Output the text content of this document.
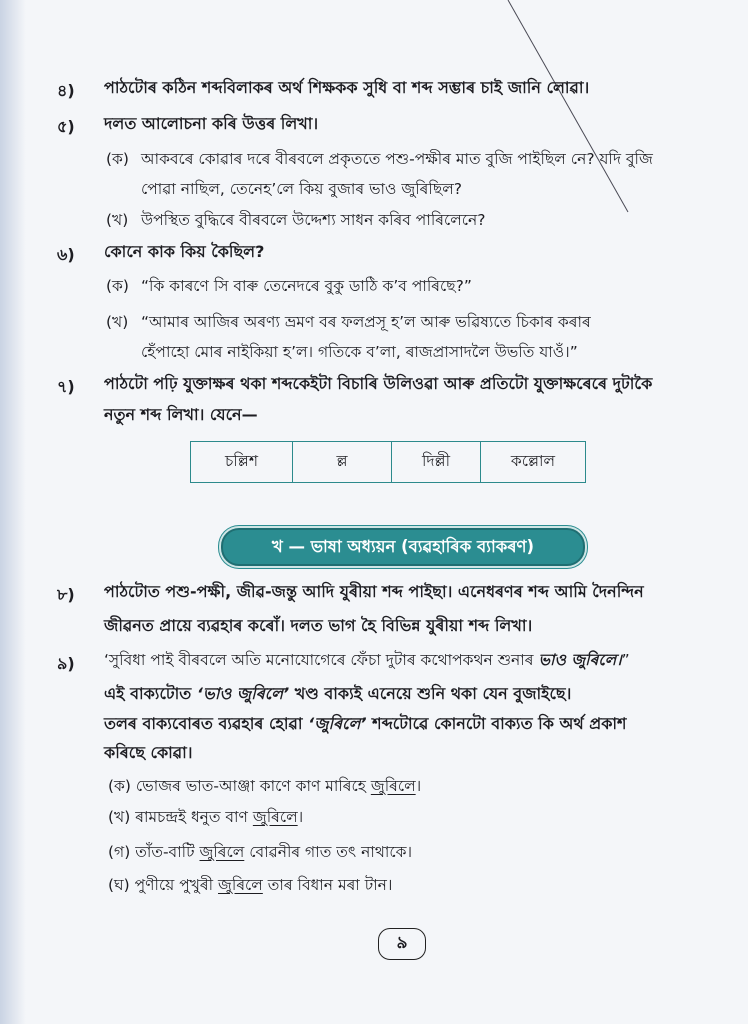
৪) পাঠটোৰ কঠিন শব্দবিলাকৰ অৰ্থ শিক্ষকক সুধি বা শব্দ সম্ভাৰ চাই জানি লোৱা।
৫) দলত আলোচনা কৰি উত্তৰ লিখা।
(ক) আকবৰে কোৱাৰ দৰে বীৰবলে প্ৰকৃততে পশু-পক্ষীৰ মাত বুজি পাইছিল নে? যদি বুজি
পোৱা নাছিল, তেনেহ’লে কিয় বুজাৰ ভাও জুৰিছিল?
(খ) উপস্থিত বুদ্ধিৰে বীৰবলে উদ্দেশ্য সাধন কৰিব পাৰিলেনে?
৬) কোনে কাক কিয় কৈছিল?
(ক) “কি কাৰণে সি বাৰু তেনেদৰে বুকু ডাঠি ক’ব পাৰিছে?”
(খ) “আমাৰ আজিৰ অৰণ্য ভ্ৰমণ বৰ ফলপ্ৰসূ হ’ল আৰু ভৱিষ্যতে চিকাৰ কৰাৰ
হেঁপাহো মোৰ নাইকিয়া হ’ল। গতিকে ব’লা, ৰাজপ্ৰাসাদলৈ উভতি যাওঁ।”
৭) পাঠটো পঢ়ি যুক্তাক্ষৰ থকা শব্দকেইটা বিচাৰি উলিওৱা আৰু প্ৰতিটো যুক্তাক্ষৰেৰে দুটাকৈ
নতুন শব্দ লিখা। যেনে—
চল্লিশ	ল্ল	দিল্লী	কল্লোল
খ — ভাষা অধ্যয়ন (ব্যৱহাৰিক ব্যাকৰণ)
৮) পাঠটোত পশু-পক্ষী, জীৱ-জন্তু আদি যুৰীয়া শব্দ পাইছা। এনেধৰণৰ শব্দ আমি দৈনন্দিন
জীৱনত প্ৰায়ে ব্যৱহাৰ কৰোঁ। দলত ভাগ হৈ বিভিন্ন যুৰীয়া শব্দ লিখা।
৯) ‘সুবিধা পাই বীৰবলে অতি মনোযোগেৰে ফেঁচা দুটাৰ কথোপকথন শুনাৰ ভাও জুৰিলে।”
এই বাক্যটোত ‘ভাও জুৰিলে’ খণ্ড বাক্যই এনেয়ে শুনি থকা যেন বুজাইছে।
তলৰ বাক্যবোৰত ব্যৱহাৰ হোৱা ‘জুৰিলে’ শব্দটোৱে কোনটো বাক্যত কি অৰ্থ প্ৰকাশ
কৰিছে কোৱা।
(ক) ভোজৰ ভাত-আঞ্জা কাণে কাণ মাৰিহে জুৰিলে।
(খ) ৰামচন্দ্ৰই ধনুত বাণ জুৰিলে।
(গ) তাঁত-বাটি জুৰিলে বোৱনীৰ গাত তৎ নাথাকে।
(ঘ) পুণীয়ে পুখুৰী জুৰিলে তাৰ বিধান মৰা টান।
৯
